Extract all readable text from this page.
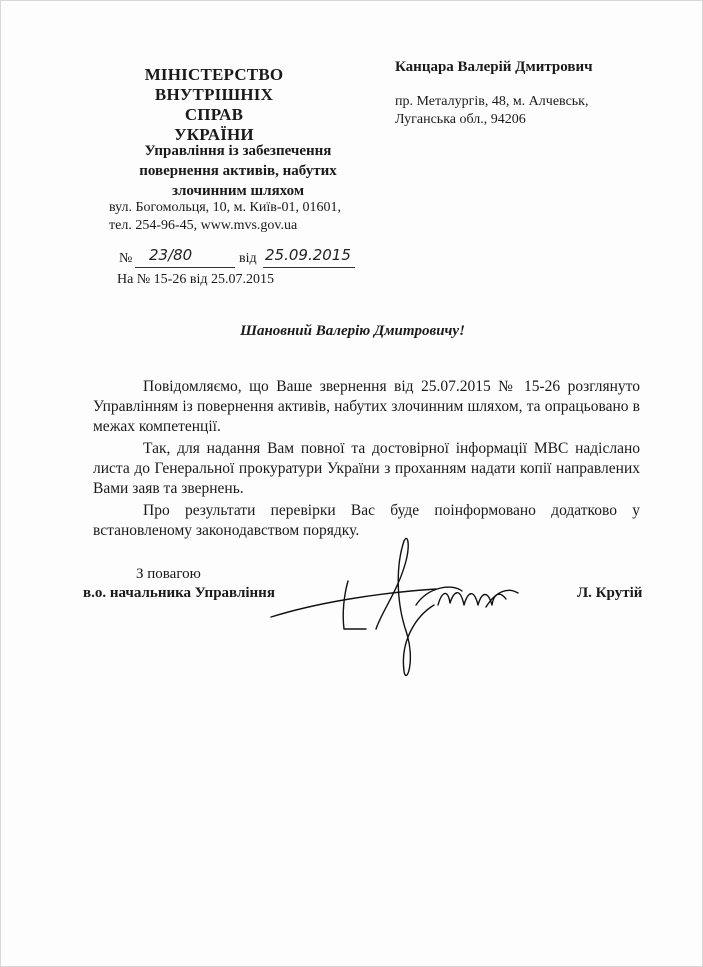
МІНІСТЕРСТВО
ВНУТРІШНІХ СПРАВ
УКРАЇНИ
Управління із забезпечення
повернення активів, набутих
злочинним шляхом
вул. Богомольця, 10, м. Київ-01, 01601,
тел. 254-96-45, www.mvs.gov.ua

Канцара Валерій Дмитрович

пр. Металургів, 48, м. Алчевськ,
Луганська обл., 94206
№ 23/80	від 25.09.2015
На № 15-26 від 25.07.2015
Шановний Валерію Дмитровичу!

Повідомляємо, що Ваше звернення від 25.07.2015 № 15-26 розглянуто Управлінням із повернення активів, набутих злочинним шляхом, та опрацьовано в межах компетенції.

Так, для надання Вам повної та достовірної інформації МВС надіслано листа до Генеральної прокуратури України з проханням надати копії направлених Вами заяв та звернень.

Про результати перевірки Вас буде поінформовано додатково у встановленому законодавством порядку.

З повагою
в.о. начальника Управління	Л. Крутій
